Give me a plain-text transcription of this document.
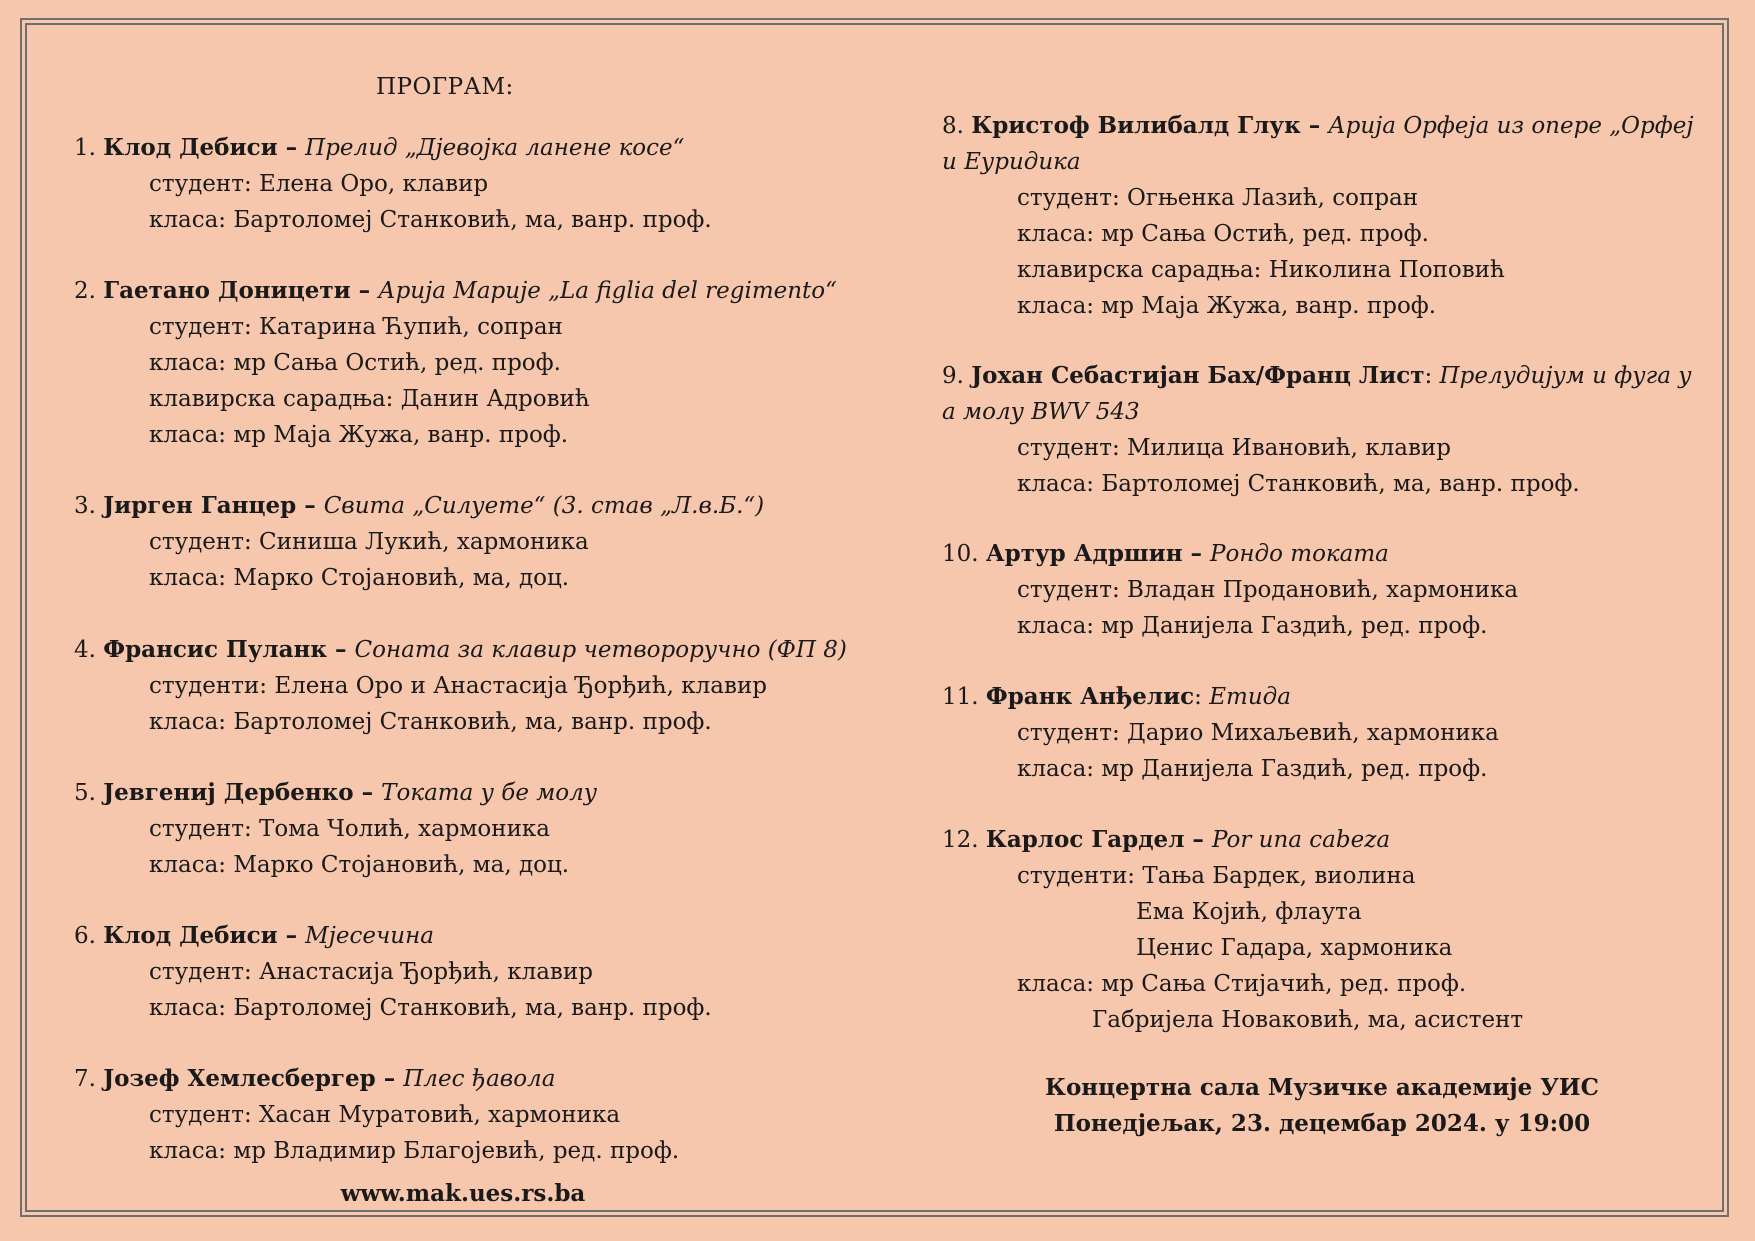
ПРОГРАМ:
1. Клод Дебиси – Прелид „Дјевојка ланене косе“
студент: Елена Оро, клавир
класа: Бартоломеј Станковић, ма, ванр. проф.
2. Гаетано Доницети – Арија Марије „La figlia del regimento“
студент: Катарина Ћупић, сопран
класа: мр Сања Остић, ред. проф.
клавирска сарадња: Данин Адровић
класа: мр Маја Жужа, ванр. проф.
3. Јирген Ганцер – Свита „Силуете“ (3. став „Л.в.Б.“)
студент: Синиша Лукић, хармоника
класа: Марко Стојановић, ма, доц.
4. Франсис Пуланк – Соната за клавир четвороручно (ФП 8)
студенти: Елена Оро и Анастасија Ђорђић, клавир
класа: Бартоломеј Станковић, ма, ванр. проф.
5. Јевгениј Дербенко – Токата у бе молу
студент: Тома Чолић, хармоника
класа: Марко Стојановић, ма, доц.
6. Клод Дебиси – Мјесечина
студент: Анастасија Ђорђић, клавир
класа: Бартоломеј Станковић, ма, ванр. проф.
7. Јозеф Хемлесбергер – Плес ђавола
студент: Хасан Муратовић, хармоника
класа: мр Владимир Благојевић, ред. проф.
8. Кристоф Вилибалд Глук – Арија Орфеја из опере „Орфеј и Еуридика
студент: Огњенка Лазић, сопран
класа: мр Сања Остић, ред. проф.
клавирска сарадња: Николина Поповић
класа: мр Маја Жужа, ванр. проф.
9. Јохан Себастијан Бах/Франц Лист: Прелудијум и фуга у а молу BWV 543
студент: Милица Ивановић, клавир
класа: Бартоломеј Станковић, ма, ванр. проф.
10. Артур Адршин – Рондо токата
студент: Владан Продановић, хармоника
класа: мр Данијела Газдић, ред. проф.
11. Франк Анђелис: Етида
студент: Дарио Михаљевић, хармоника
класа: мр Данијела Газдић, ред. проф.
12. Карлос Гардел – Por una cabeza
студенти: Тања Бардек, виолина
Ема Којић, флаута
Ценис Гадара, хармоника
класа: мр Сања Стијачић, ред. проф.
Габријела Новаковић, ма, асистент
Концертна сала Музичке академије УИС
Понедјељак, 23. децембар 2024. у 19:00
www.mak.ues.rs.ba
